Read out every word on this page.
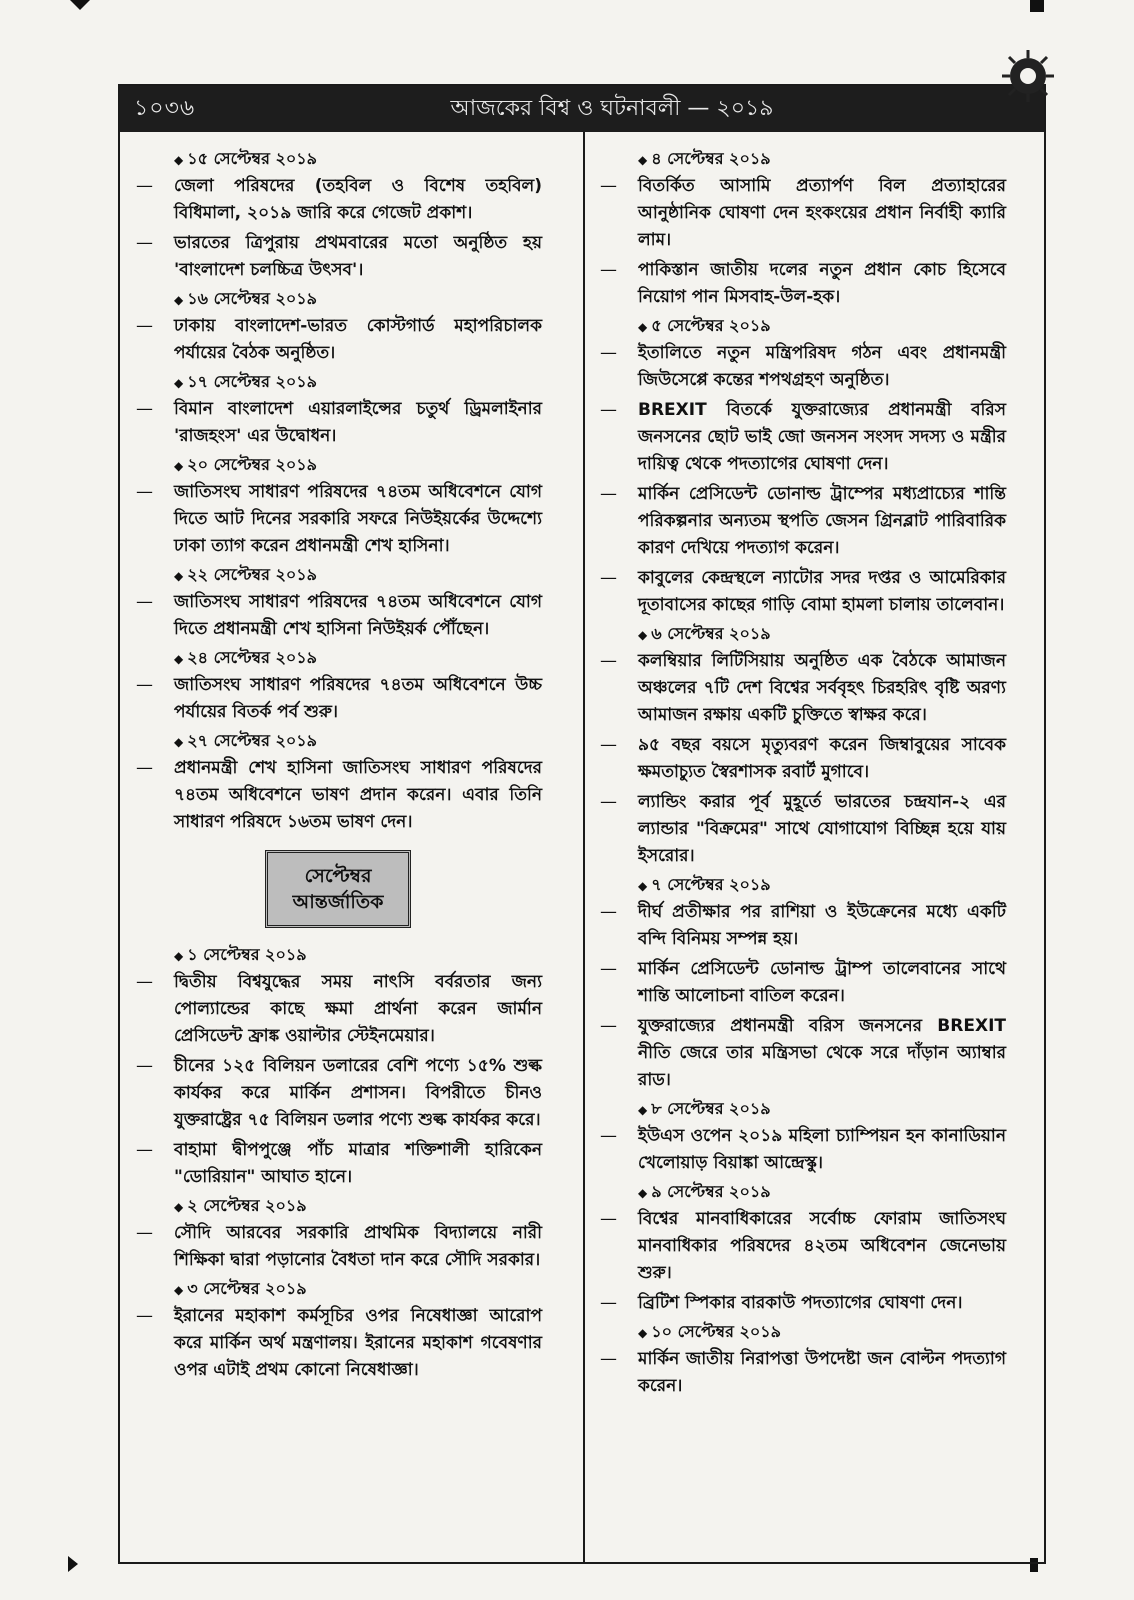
১০৩৬	আজকের বিশ্ব ও ঘটনাবলী — ২০১৯
◆ ১৫ সেপ্টেম্বর ২০১৯
— জেলা পরিষদের (তহবিল ও বিশেষ তহবিল) বিধিমালা, ২০১৯ জারি করে গেজেট প্রকাশ।
— ভারতের ত্রিপুরায় প্রথমবারের মতো অনুষ্ঠিত হয় 'বাংলাদেশ চলচ্চিত্র উৎসব'।
◆ ১৬ সেপ্টেম্বর ২০১৯
— ঢাকায় বাংলাদেশ-ভারত কোস্টগার্ড মহাপরিচালক পর্যায়ের বৈঠক অনুষ্ঠিত।
◆ ১৭ সেপ্টেম্বর ২০১৯
— বিমান বাংলাদেশ এয়ারলাইন্সের চতুর্থ ড্রিমলাইনার 'রাজহংস' এর উদ্বোধন।
◆ ২০ সেপ্টেম্বর ২০১৯
— জাতিসংঘ সাধারণ পরিষদের ৭৪তম অধিবেশনে যোগ দিতে আট দিনের সরকারি সফরে নিউইয়র্কের উদ্দেশ্যে ঢাকা ত্যাগ করেন প্রধানমন্ত্রী শেখ হাসিনা।
◆ ২২ সেপ্টেম্বর ২০১৯
— জাতিসংঘ সাধারণ পরিষদের ৭৪তম অধিবেশনে যোগ দিতে প্রধানমন্ত্রী শেখ হাসিনা নিউইয়র্ক পৌঁছেন।
◆ ২৪ সেপ্টেম্বর ২০১৯
— জাতিসংঘ সাধারণ পরিষদের ৭৪তম অধিবেশনে উচ্চ পর্যায়ের বিতর্ক পর্ব শুরু।
◆ ২৭ সেপ্টেম্বর ২০১৯
— প্রধানমন্ত্রী শেখ হাসিনা জাতিসংঘ সাধারণ পরিষদের ৭৪তম অধিবেশনে ভাষণ প্রদান করেন। এবার তিনি সাধারণ পরিষদে ১৬তম ভাষণ দেন।
সেপ্টেম্বর
আন্তর্জাতিক
◆ ১ সেপ্টেম্বর ২০১৯
— দ্বিতীয় বিশ্বযুদ্ধের সময় নাৎসি বর্বরতার জন্য পোল্যান্ডের কাছে ক্ষমা প্রার্থনা করেন জার্মান প্রেসিডেন্ট ফ্রাঙ্ক ওয়াল্টার স্টেইনমেয়ার।
— চীনের ১২৫ বিলিয়ন ডলারের বেশি পণ্যে ১৫% শুল্ক কার্যকর করে মার্কিন প্রশাসন। বিপরীতে চীনও যুক্তরাষ্ট্রের ৭৫ বিলিয়ন ডলার পণ্যে শুল্ক কার্যকর করে।
— বাহামা দ্বীপপুঞ্জে পাঁচ মাত্রার শক্তিশালী হারিকেন "ডোরিয়ান" আঘাত হানে।
◆ ২ সেপ্টেম্বর ২০১৯
— সৌদি আরবের সরকারি প্রাথমিক বিদ্যালয়ে নারী শিক্ষিকা দ্বারা পড়ানোর বৈধতা দান করে সৌদি সরকার।
◆ ৩ সেপ্টেম্বর ২০১৯
— ইরানের মহাকাশ কর্মসূচির ওপর নিষেধাজ্ঞা আরোপ করে মার্কিন অর্থ মন্ত্রণালয়। ইরানের মহাকাশ গবেষণার ওপর এটাই প্রথম কোনো নিষেধাজ্ঞা।
◆ ৪ সেপ্টেম্বর ২০১৯
— বিতর্কিত আসামি প্রত্যার্পণ বিল প্রত্যাহারের আনুষ্ঠানিক ঘোষণা দেন হংকংয়ের প্রধান নির্বাহী ক্যারি লাম।
— পাকিস্তান জাতীয় দলের নতুন প্রধান কোচ হিসেবে নিয়োগ পান মিসবাহ-উল-হক।
◆ ৫ সেপ্টেম্বর ২০১৯
— ইতালিতে নতুন মন্ত্রিপরিষদ গঠন এবং প্রধানমন্ত্রী জিউসেপ্পে কন্তের শপথগ্রহণ অনুষ্ঠিত।
— BREXIT বিতর্কে যুক্তরাজ্যের প্রধানমন্ত্রী বরিস জনসনের ছোট ভাই জো জনসন সংসদ সদস্য ও মন্ত্রীর দায়িত্ব থেকে পদত্যাগের ঘোষণা দেন।
— মার্কিন প্রেসিডেন্ট ডোনাল্ড ট্রাম্পের মধ্যপ্রাচ্যের শান্তি পরিকল্পনার অন্যতম স্থপতি জেসন গ্রিনব্লাট পারিবারিক কারণ দেখিয়ে পদত্যাগ করেন।
— কাবুলের কেন্দ্রস্থলে ন্যাটোর সদর দপ্তর ও আমেরিকার দূতাবাসের কাছের গাড়ি বোমা হামলা চালায় তালেবান।
◆ ৬ সেপ্টেম্বর ২০১৯
— কলম্বিয়ার লিটিসিয়ায় অনুষ্ঠিত এক বৈঠকে আমাজন অঞ্চলের ৭টি দেশ বিশ্বের সর্ববৃহৎ চিরহরিৎ বৃষ্টি অরণ্য আমাজন রক্ষায় একটি চুক্তিতে স্বাক্ষর করে।
— ৯৫ বছর বয়সে মৃত্যুবরণ করেন জিম্বাবুয়ের সাবেক ক্ষমতাচ্যুত স্বৈরশাসক রবার্ট মুগাবে।
— ল্যান্ডিং করার পূর্ব মুহূর্তে ভারতের চন্দ্রযান-২ এর ল্যান্ডার "বিক্রমের" সাথে যোগাযোগ বিচ্ছিন্ন হয়ে যায় ইসরোর।
◆ ৭ সেপ্টেম্বর ২০১৯
— দীর্ঘ প্রতীক্ষার পর রাশিয়া ও ইউক্রেনের মধ্যে একটি বন্দি বিনিময় সম্পন্ন হয়।
— মার্কিন প্রেসিডেন্ট ডোনাল্ড ট্রাম্প তালেবানের সাথে শান্তি আলোচনা বাতিল করেন।
— যুক্তরাজ্যের প্রধানমন্ত্রী বরিস জনসনের BREXIT নীতি জেরে তার মন্ত্রিসভা থেকে সরে দাঁড়ান অ্যাম্বার রাড।
◆ ৮ সেপ্টেম্বর ২০১৯
— ইউএস ওপেন ২০১৯ মহিলা চ্যাম্পিয়ন হন কানাডিয়ান খেলোয়াড় বিয়াঙ্কা আন্দ্রেস্কু।
◆ ৯ সেপ্টেম্বর ২০১৯
— বিশ্বের মানবাধিকারের সর্বোচ্চ ফোরাম জাতিসংঘ মানবাধিকার পরিষদের ৪২তম অধিবেশন জেনেভায় শুরু।
— ব্রিটিশ স্পিকার বারকাউ পদত্যাগের ঘোষণা দেন।
◆ ১০ সেপ্টেম্বর ২০১৯
— মার্কিন জাতীয় নিরাপত্তা উপদেষ্টা জন বোল্টন পদত্যাগ করেন।
